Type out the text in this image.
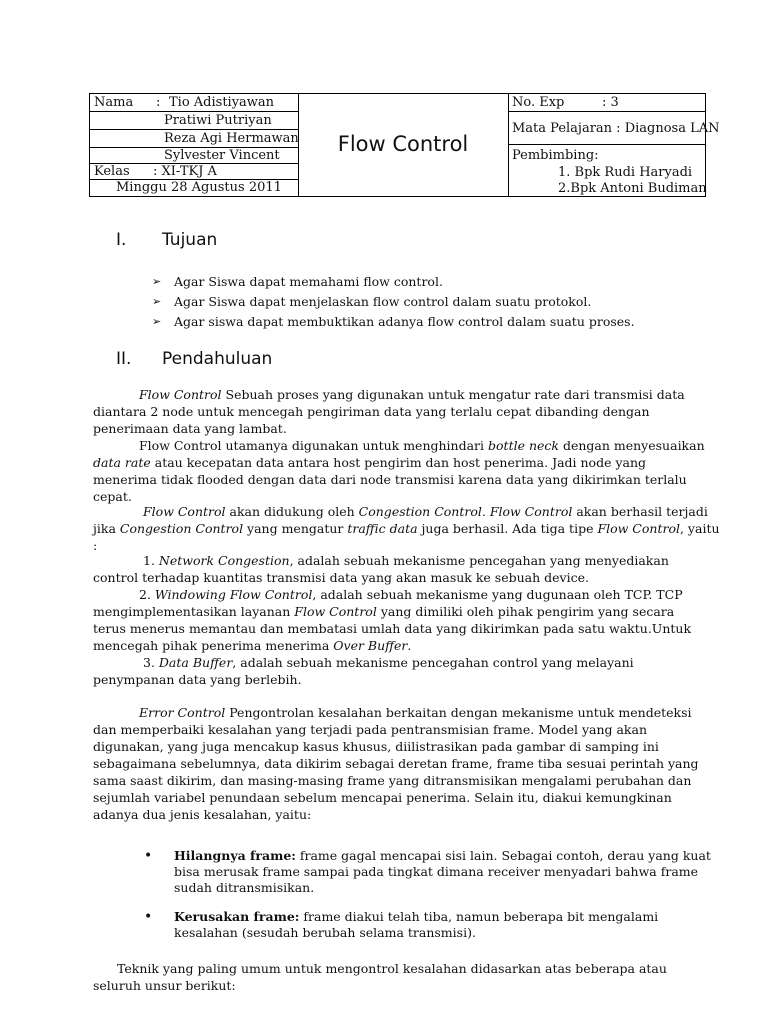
Nama : Tio Adistiyawan
Pratiwi Putriyan
Reza Agi Hermawan
Sylvester Vincent
Kelas : XI-TKJ A
Minggu 28 Agustus 2011
Flow Control
No. Exp	: 3
Mata Pelajaran : Diagnosa LAN
Pembimbing:
1. Bpk Rudi Haryadi
2.Bpk Antoni Budiman
I. Tujuan
➢ Agar Siswa dapat memahami flow control.
➢ Agar Siswa dapat menjelaskan flow control dalam suatu protokol.
➢ Agar siswa dapat membuktikan adanya flow control dalam suatu proses.
II. Pendahuluan
Flow Control Sebuah proses yang digunakan untuk mengatur rate dari transmisi data
diantara 2 node untuk mencegah pengiriman data yang terlalu cepat dibanding dengan
penerimaan data yang lambat.
Flow Control utamanya digunakan untuk menghindari bottle neck dengan menyesuaikan
data rate atau kecepatan data antara host pengirim dan host penerima. Jadi node yang
menerima tidak flooded dengan data dari node transmisi karena data yang dikirimkan terlalu
cepat.
Flow Control akan didukung oleh Congestion Control. Flow Control akan berhasil terjadi
jika Congestion Control yang mengatur traffic data juga berhasil. Ada tiga tipe Flow Control, yaitu
:
1. Network Congestion, adalah sebuah mekanisme pencegahan yang menyediakan
control terhadap kuantitas transmisi data yang akan masuk ke sebuah device.
2. Windowing Flow Control, adalah sebuah mekanisme yang dugunaan oleh TCP. TCP
mengimplementasikan layanan Flow Control yang dimiliki oleh pihak pengirim yang secara
terus menerus memantau dan membatasi umlah data yang dikirimkan pada satu waktu.Untuk
mencegah pihak penerima menerima Over Buffer.
3. Data Buffer, adalah sebuah mekanisme pencegahan control yang melayani
penympanan data yang berlebih.
Error Control Pengontrolan kesalahan berkaitan dengan mekanisme untuk mendeteksi
dan memperbaiki kesalahan yang terjadi pada pentransmisian frame. Model yang akan
digunakan, yang juga mencakup kasus khusus, diilistrasikan pada gambar di samping ini
sebagaimana sebelumnya, data dikirim sebagai deretan frame, frame tiba sesuai perintah yang
sama saast dikirim, dan masing-masing frame yang ditransmisikan mengalami perubahan dan
sejumlah variabel penundaan sebelum mencapai penerima. Selain itu, diakui kemungkinan
adanya dua jenis kesalahan, yaitu:
• Hilangnya frame: frame gagal mencapai sisi lain. Sebagai contoh, derau yang kuat
bisa merusak frame sampai pada tingkat dimana receiver menyadari bahwa frame
sudah ditransmisikan.
• Kerusakan frame: frame diakui telah tiba, namun beberapa bit mengalami
kesalahan (sesudah berubah selama transmisi).
Teknik yang paling umum untuk mengontrol kesalahan didasarkan atas beberapa atau
seluruh unsur berikut:
